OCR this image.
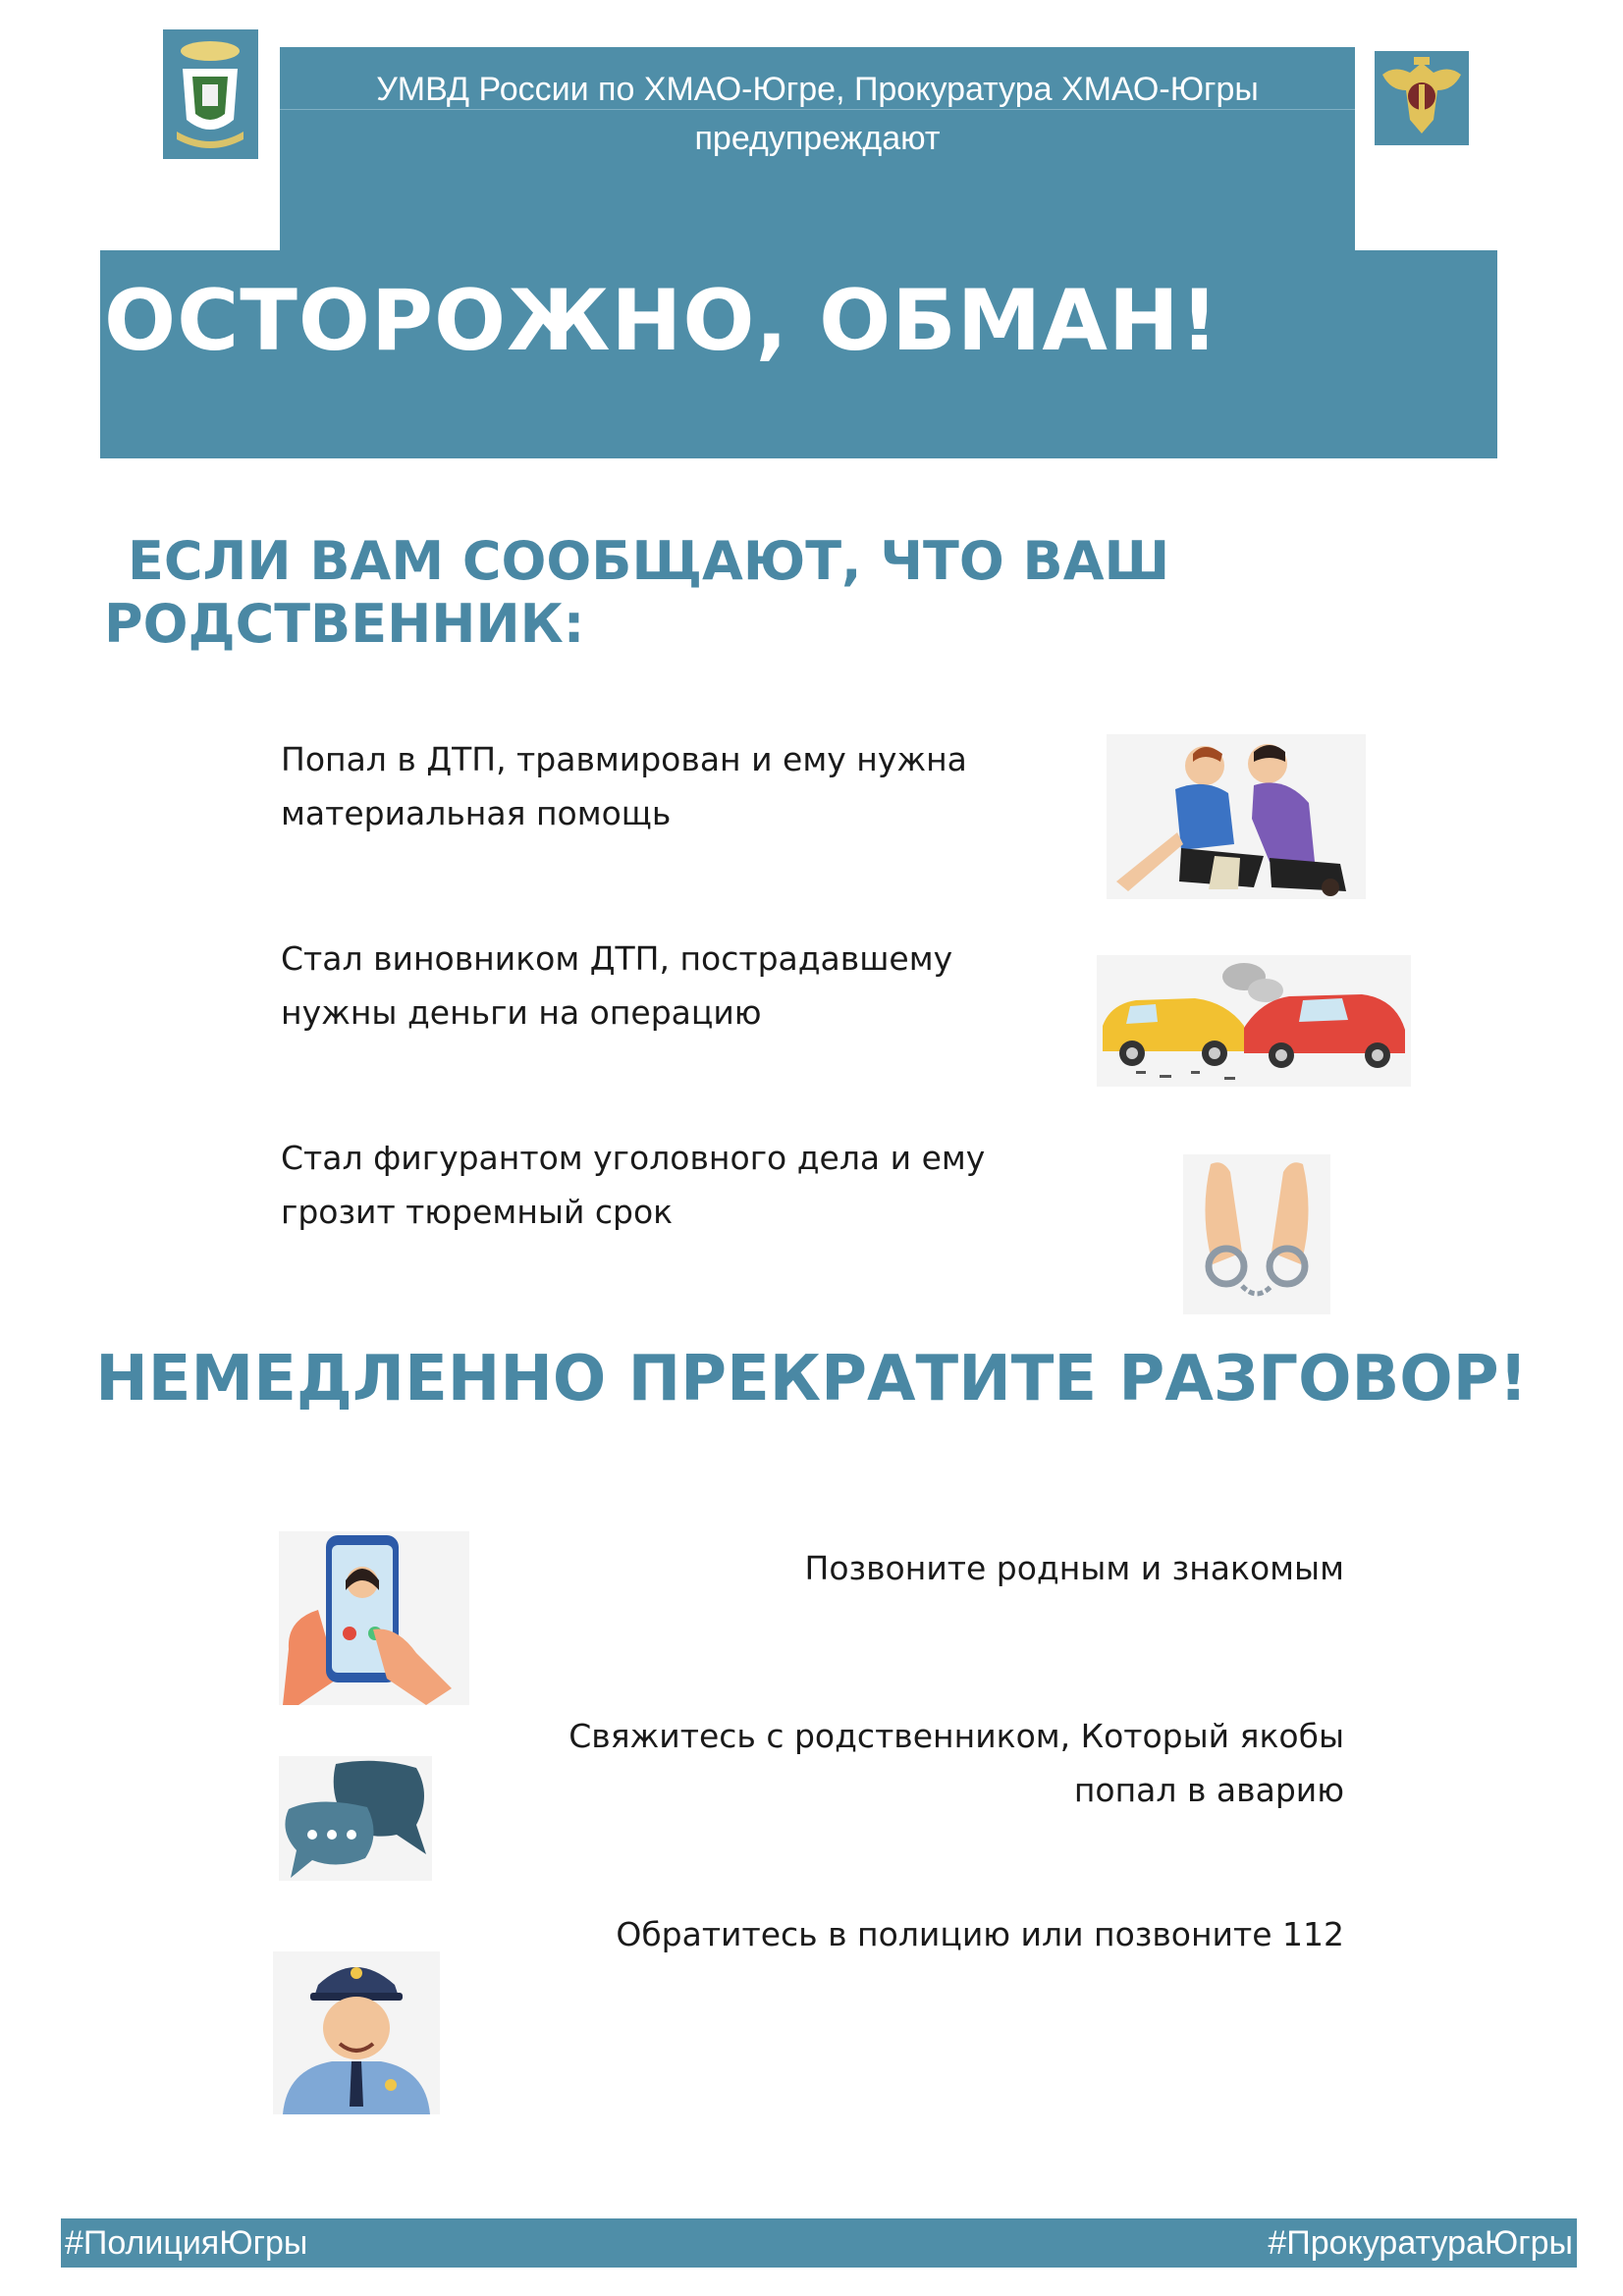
УМВД России по ХМАО-Югре, Прокуратура ХМАО-Югры
предупреждают
ОСТОРОЖНО, ОБМАН!
ЕСЛИ ВАМ СООБЩАЮТ, ЧТО ВАШ
РОДСТВЕННИК:
Попал в ДТП, травмирован и ему нужна
материальная помощь
Стал виновником ДТП, пострадавшему
нужны деньги на операцию
Стал фигурантом уголовного дела и ему
грозит тюремный срок
НЕМЕДЛЕННО ПРЕКРАТИТЕ РАЗГОВОР!
Позвоните родным и знакомым
Свяжитесь с родственником, Который якобы
попал в аварию
Обратитесь в полицию или позвоните 112
#ПолицияЮгры	#ПрокуратураЮгры
